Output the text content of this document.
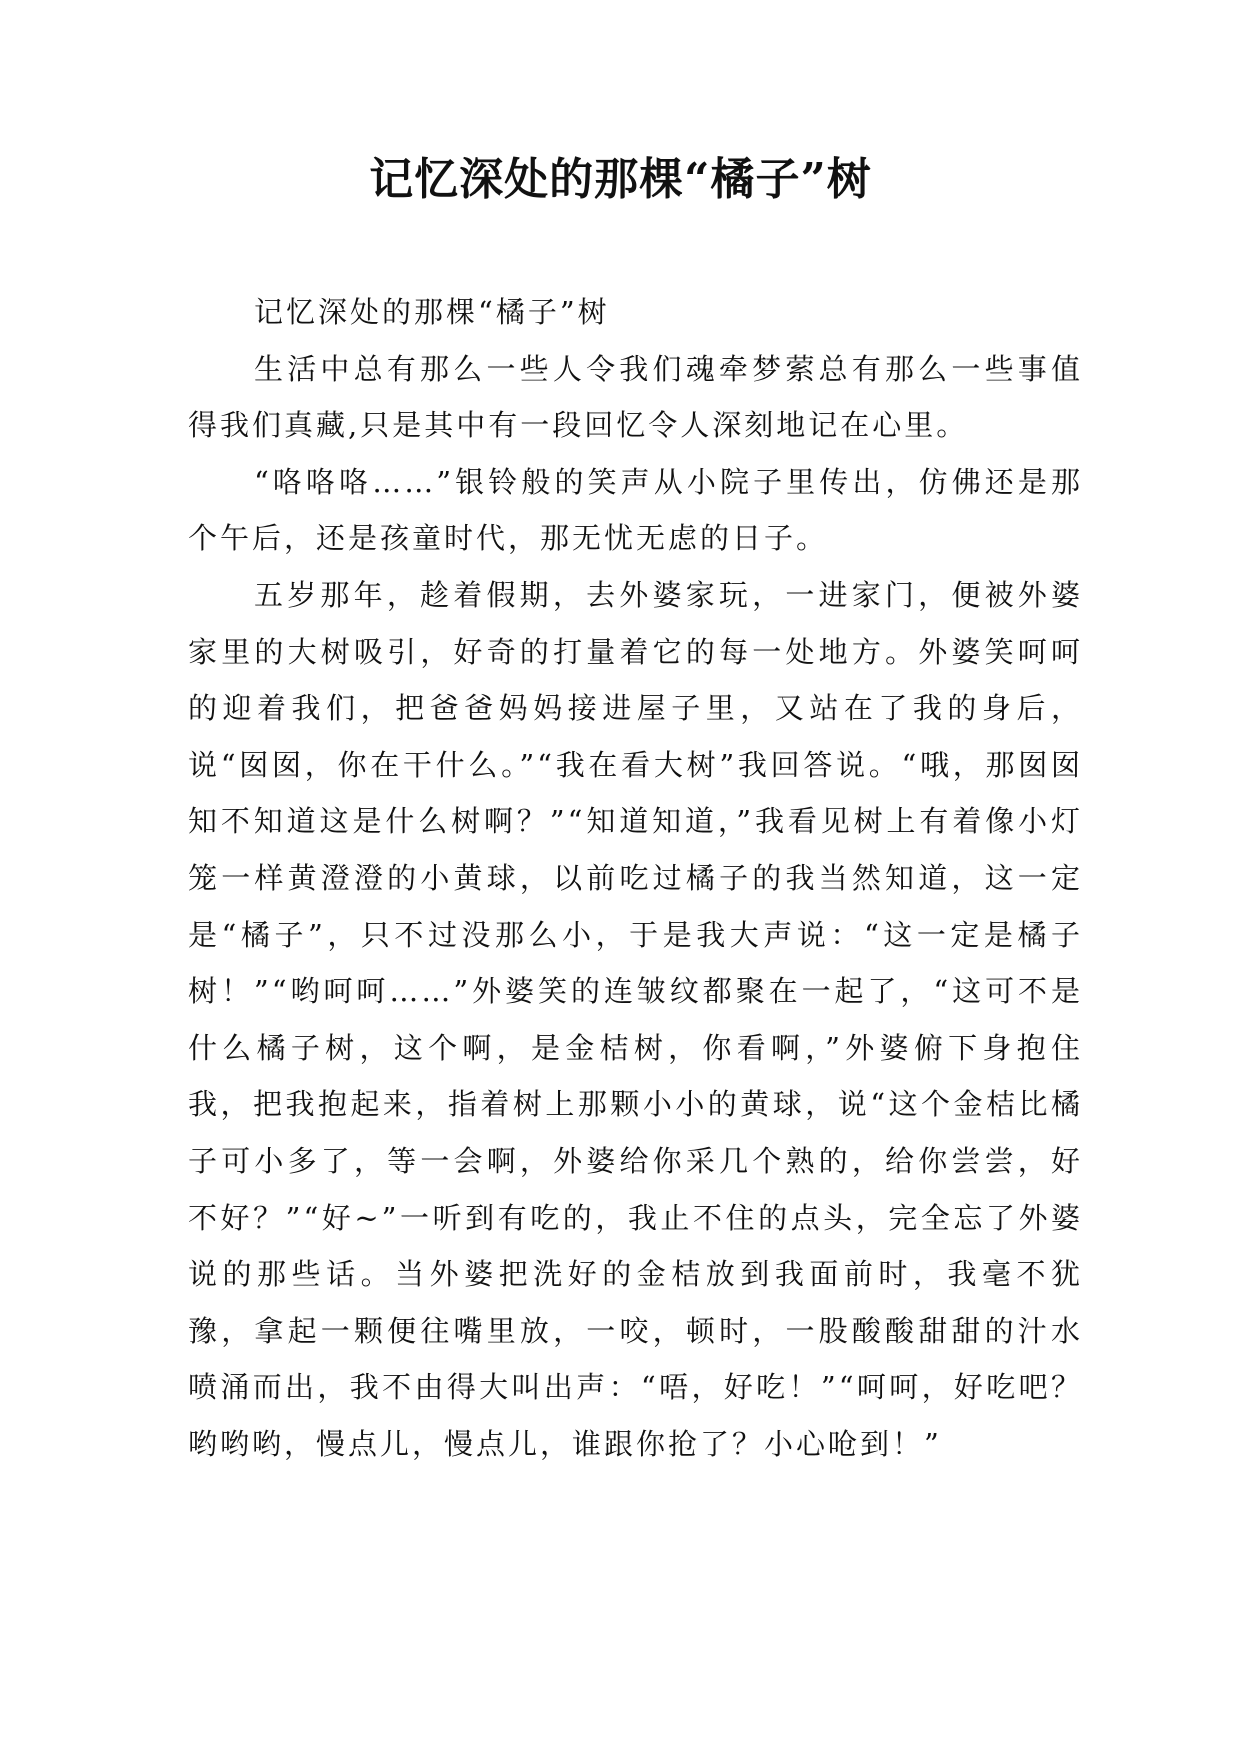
记忆深处的那棵“橘子”树

记忆深处的那棵“橘子”树

生活中总有那么一些人令我们魂牵梦萦总有那么一些事值得我们真藏,只是其中有一段回忆令人深刻地记在心里。

“咯咯咯……”银铃般的笑声从小院子里传出，仿佛还是那个午后，还是孩童时代，那无忧无虑的日子。

五岁那年，趁着假期，去外婆家玩，一进家门，便被外婆家里的大树吸引，好奇的打量着它的每一处地方。外婆笑呵呵的迎着我们，把爸爸妈妈接进屋子里，又站在了我的身后，说“囡囡，你在干什么。”“我在看大树”我回答说。“哦，那囡囡知不知道这是什么树啊？”“知道知道，”我看见树上有着像小灯笼一样黄澄澄的小黄球，以前吃过橘子的我当然知道，这一定是“橘子”，只不过没那么小，于是我大声说：“这一定是橘子树！”“哟呵呵……”外婆笑的连皱纹都聚在一起了，“这可不是什么橘子树，这个啊，是金桔树，你看啊，”外婆俯下身抱住我，把我抱起来，指着树上那颗小小的黄球，说“这个金桔比橘子可小多了，等一会啊，外婆给你采几个熟的，给你尝尝，好不好？”“好~”一听到有吃的，我止不住的点头，完全忘了外婆说的那些话。当外婆把洗好的金桔放到我面前时，我毫不犹豫，拿起一颗便往嘴里放，一咬，顿时，一股酸酸甜甜的汁水喷涌而出，我不由得大叫出声：“唔，好吃！”“呵呵，好吃吧？哟哟哟，慢点儿，慢点儿，谁跟你抢了？小心呛到！”
